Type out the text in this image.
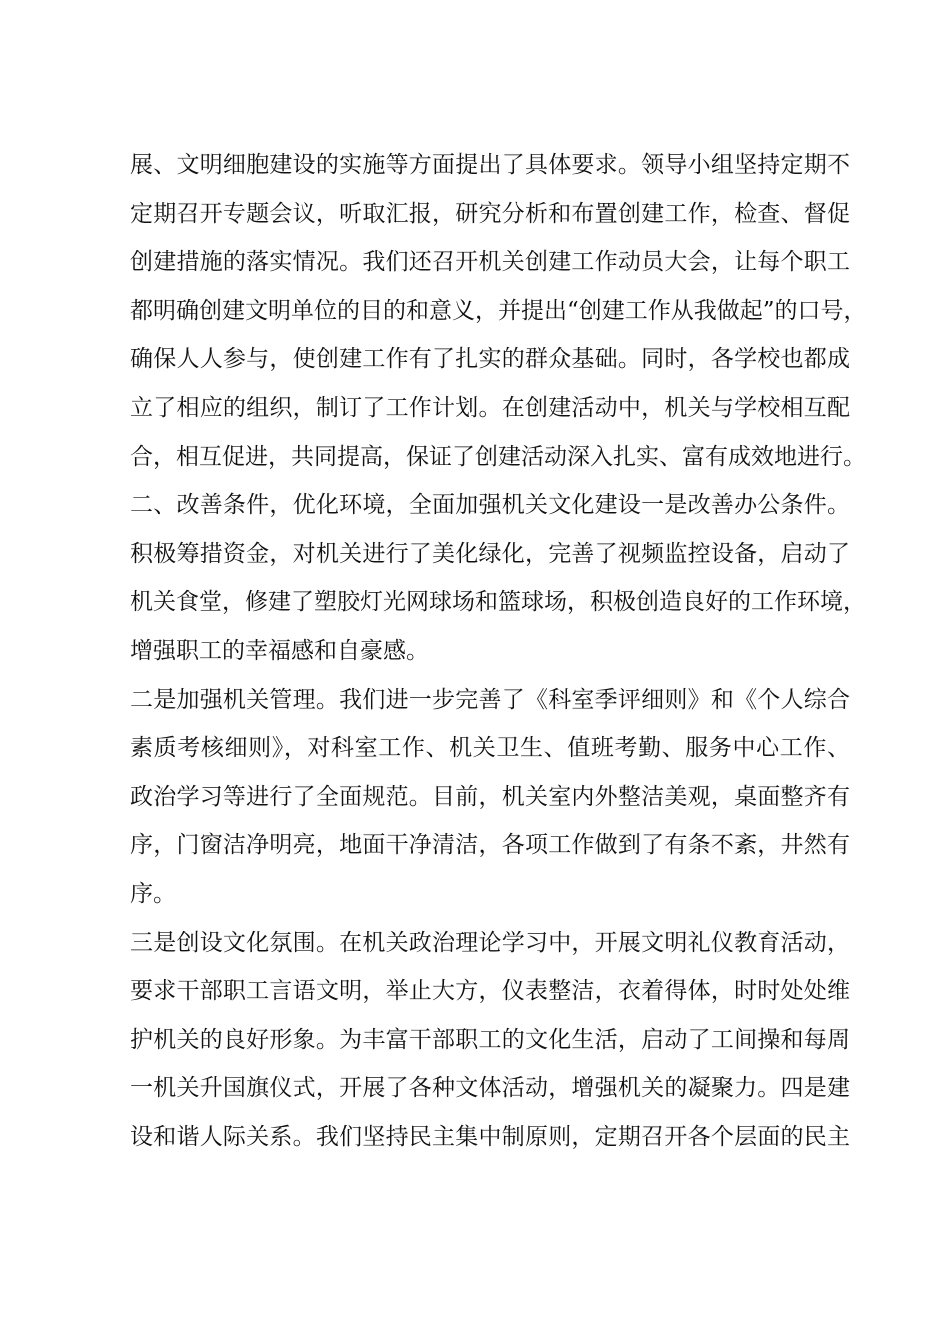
展、文明细胞建设的实施等方面提出了具体要求。领导小组坚持定期不
定期召开专题会议，听取汇报，研究分析和布置创建工作，检查、督促
创建措施的落实情况。我们还召开机关创建工作动员大会，让每个职工
都明确创建文明单位的目的和意义，并提出“创建工作从我做起”的口号，
确保人人参与，使创建工作有了扎实的群众基础。同时，各学校也都成
立了相应的组织，制订了工作计划。在创建活动中，机关与学校相互配
合，相互促进，共同提高，保证了创建活动深入扎实、富有成效地进行。
二、改善条件，优化环境，全面加强机关文化建设一是改善办公条件。
积极筹措资金，对机关进行了美化绿化，完善了视频监控设备，启动了
机关食堂，修建了塑胶灯光网球场和篮球场，积极创造良好的工作环境，
增强职工的幸福感和自豪感。
二是加强机关管理。我们进一步完善了《科室季评细则》和《个人综合
素质考核细则》，对科室工作、机关卫生、值班考勤、服务中心工作、
政治学习等进行了全面规范。目前，机关室内外整洁美观，桌面整齐有
序，门窗洁净明亮，地面干净清洁，各项工作做到了有条不紊，井然有
序。
三是创设文化氛围。在机关政治理论学习中，开展文明礼仪教育活动，
要求干部职工言语文明，举止大方，仪表整洁，衣着得体，时时处处维
护机关的良好形象。为丰富干部职工的文化生活，启动了工间操和每周
一机关升国旗仪式，开展了各种文体活动，增强机关的凝聚力。四是建
设和谐人际关系。我们坚持民主集中制原则，定期召开各个层面的民主
